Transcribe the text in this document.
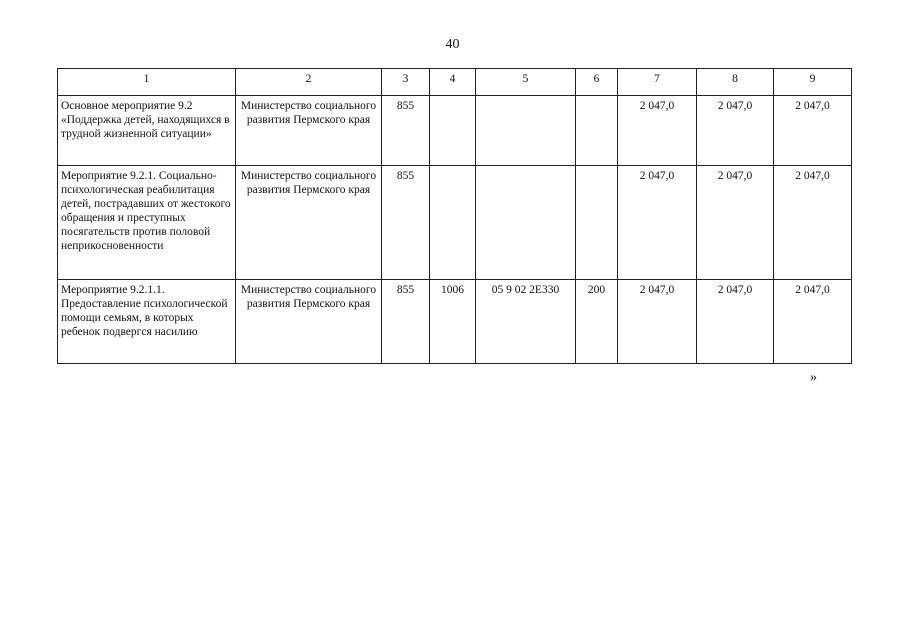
40
1	2	3	4	5	6	7	8	9
Основное мероприятие 9.2 «Поддержка детей, находящихся в трудной жизненной ситуации»	Министерство социального развития Пермского края	855				2 047,0	2 047,0	2 047,0
Мероприятие 9.2.1. Социально-психологическая реабилитация детей, пострадавших от жестокого обращения и преступных посягательств против половой неприкосновенности	Министерство социального развития Пермского края	855				2 047,0	2 047,0	2 047,0
Мероприятие 9.2.1.1. Предоставление психологической помощи семьям, в которых ребенок подвергся насилию	Министерство социального развития Пермского края	855	1006	05 9 02 2Е330	200	2 047,0	2 047,0	2 047,0
»
